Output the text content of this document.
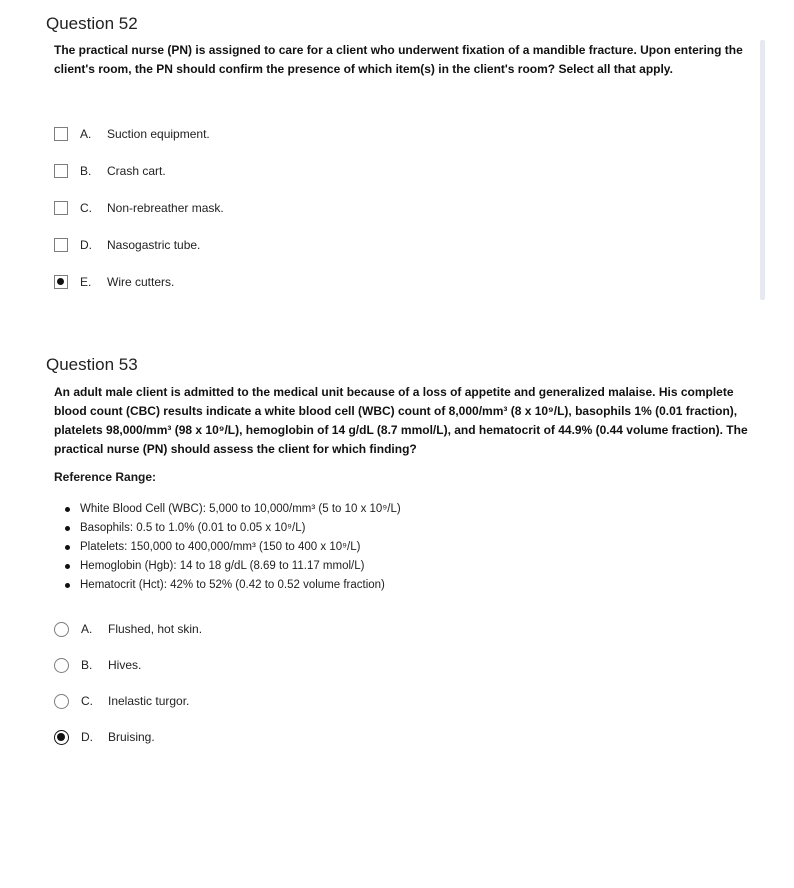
Question 52

The practical nurse (PN) is assigned to care for a client who underwent fixation of a mandible fracture. Upon entering the client's room, the PN should confirm the presence of which item(s) in the client's room? Select all that apply.

A.	Suction equipment.
B.	Crash cart.
C.	Non-rebreather mask.
D.	Nasogastric tube.
E.	Wire cutters.
Question 53

An adult male client is admitted to the medical unit because of a loss of appetite and generalized malaise. His complete blood count (CBC) results indicate a white blood cell (WBC) count of 8,000/mm³ (8 x 10⁹/L), basophils 1% (0.01 fraction), platelets 98,000/mm³ (98 x 10⁹/L), hemoglobin of 14 g/dL (8.7 mmol/L), and hematocrit of 44.9% (0.44 volume fraction). The practical nurse (PN) should assess the client for which finding?

Reference Range:

White Blood Cell (WBC): 5,000 to 10,000/mm³ (5 to 10 x 10⁹/L)
Basophils: 0.5 to 1.0% (0.01 to 0.05 x 10⁹/L)
Platelets: 150,000 to 400,000/mm³ (150 to 400 x 10⁹/L)
Hemoglobin (Hgb): 14 to 18 g/dL (8.69 to 11.17 mmol/L)
Hematocrit (Hct): 42% to 52% (0.42 to 0.52 volume fraction)
A.	Flushed, hot skin.
B.	Hives.
C.	Inelastic turgor.
D.	Bruising.
